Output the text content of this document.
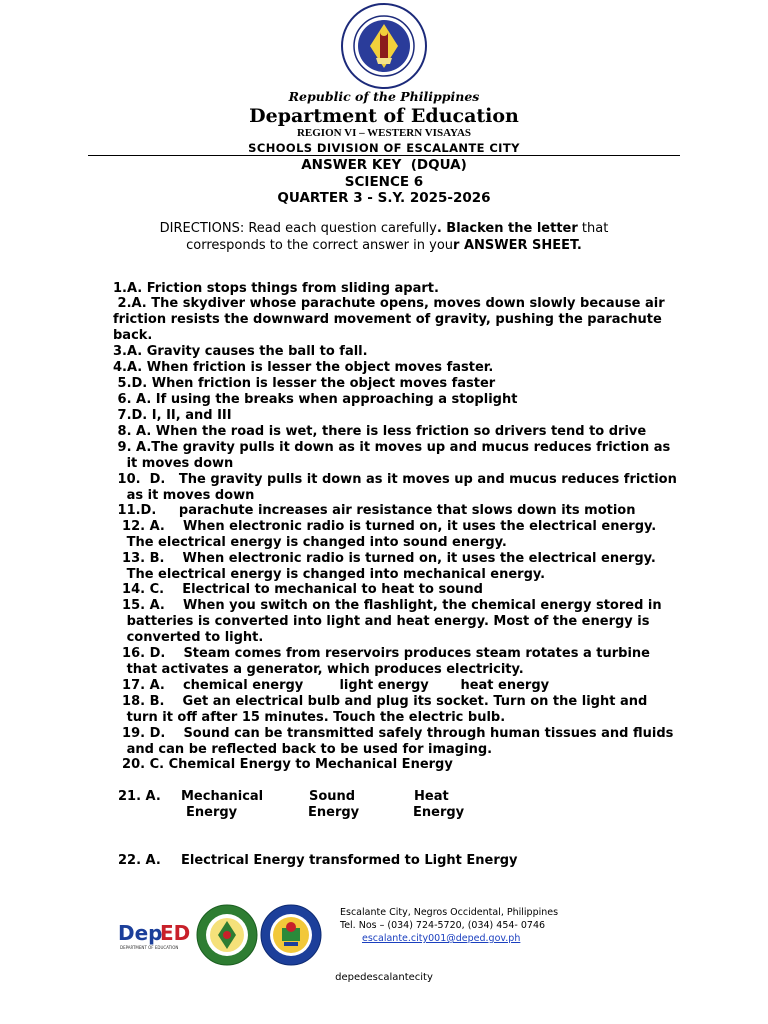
Republic of the Philippines
Department of Education
REGION VI – WESTERN VISAYAS
SCHOOLS DIVISION OF ESCALANTE CITY
ANSWER KEY  (DQUA)
SCIENCE 6
QUARTER 3 - S.Y. 2025-2026
DIRECTIONS: Read each question carefully. Blacken the letter that
corresponds to the correct answer in your ANSWER SHEET.
1.A. Friction stops things from sliding apart.
2.A. The skydiver whose parachute opens, moves down slowly because air
friction resists the downward movement of gravity, pushing the parachute
back.
3.A. Gravity causes the ball to fall.
4.A. When friction is lesser the object moves faster.
5.D. When friction is lesser the object moves faster
6. A. If using the breaks when approaching a stoplight
7.D. I, II, and III
8. A. When the road is wet, there is less friction so drivers tend to drive
9. A.The gravity pulls it down as it moves up and mucus reduces friction as
it moves down
10.  D.   The gravity pulls it down as it moves up and mucus reduces friction
as it moves down
11.D.     parachute increases air resistance that slows down its motion
12. A.    When electronic radio is turned on, it uses the electrical energy.
The electrical energy is changed into sound energy.
13. B.    When electronic radio is turned on, it uses the electrical energy.
The electrical energy is changed into mechanical energy.
14. C.    Electrical to mechanical to heat to sound
15. A.    When you switch on the flashlight, the chemical energy stored in
batteries is converted into light and heat energy. Most of the energy is
converted to light.
16. D.    Steam comes from reservoirs produces steam rotates a turbine
that activates a generator, which produces electricity.
17. A.    chemical energy        light energy       heat energy
18. B.    Get an electrical bulb and plug its socket. Turn on the light and
turn it off after 15 minutes. Touch the electric bulb.
19. D.    Sound can be transmitted safely through human tissues and fluids
and can be reflected back to be used for imaging.
20. C. Chemical Energy to Mechanical Energy
21. A. Mechanical
Energy
Sound
Energy
Heat
Energy
22. A. Electrical Energy transformed to Light Energy
Dep
ED
DEPARTMENT OF EDUCATION
Escalante City, Negros Occidental, Philippines
Tel. Nos – (034) 724-5720, (034) 454- 0746
escalante.city001@deped.gov.ph
depedescalantecity
